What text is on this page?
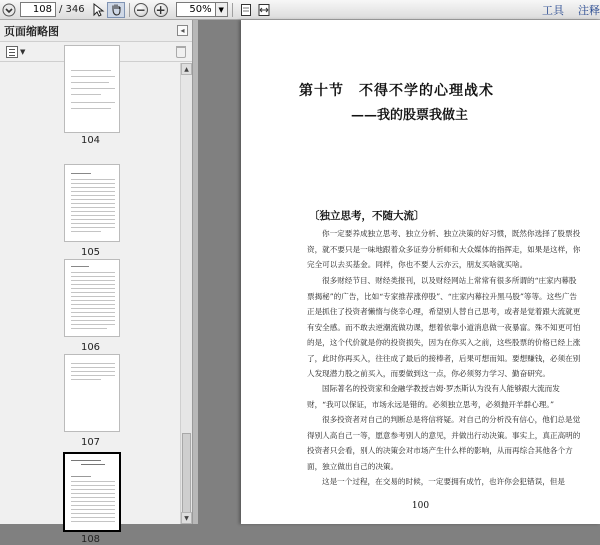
108
/ 346	− +	50% ▼	工具 注释
页面缩略图	◂
▼
104
105
106
107
108
▲
▼
第十节　不得不学的心理战术
——我的股票我做主
〔独立思考，不随大流〕

你一定要养成独立思考、独立分析、独立决策的好习惯，既然你选择了股票投资，就不要只是一味地跟着众多证券分析师和大众媒体的指挥走，如果是这样，你完全可以去买基金。同样，你也不要人云亦云，朋友买啥就买啥。

很多财经节目、财经类报刊，以及财经网站上常常有很多所谓的“庄家内幕股票揭秘”的广告，比如“专家推荐涨停股”、“庄家内幕拉升黑马股”等等。这些广告正是抓住了投资者懒惰与侥幸心理，希望别人替自己思考，或者是觉着跟大流就更有安全感。而不敢去逆潮流做功课，想着依靠小道消息做一夜暴富。殊不知更可怕的是，这个代价就是你的投资损失，因为在你买入之前，这些股票的价格已经上涨了，此时你再买入，往往成了最后的接棒者，后果可想而知。要想赚钱，必须在别人发现潜力股之前买入，而要做到这一点，你必须努力学习、勤奋研究。

国际著名的投资家和金融学教授吉姆·罗杰斯认为没有人能够跟大流而发财，“我可以保证，市场永远是错的。必须独立思考，必须抛开羊群心理。”

很多投资者对自己的判断总是将信将疑。对自己的分析没有信心，他们总是觉得别人高自己一等，愿意参考别人的意见，并做出行动决策。事实上，真正高明的投资者只会看，别人的决策会对市场产生什么样的影响，从而再综合其他各个方面，独立做出自己的决策。

这是一个过程，在交易的时候，一定要拥有成竹，也许你会犯错误，但是

100
